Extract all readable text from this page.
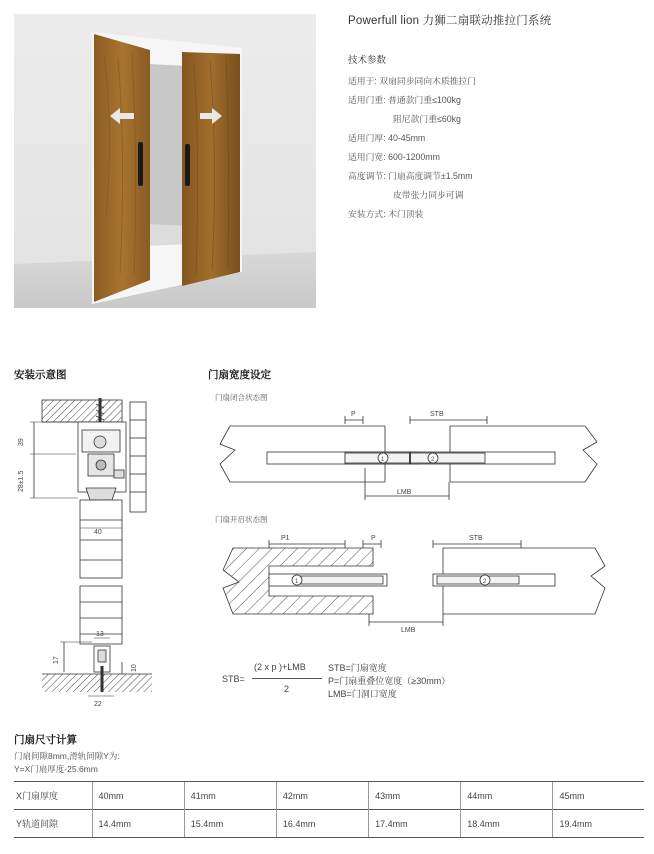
Powerfull lion 力狮二扇联动推拉门系统
技术参数
适用于: 双扇同步同向木质推拉门
适用门重: 普通款门重≤100kg
阻尼款门重≤60kg
适用门厚: 40-45mm
适用门宽: 600-1200mm
高度调节: 门扇高度调节±1.5mm
皮带张力同步可调
安装方式: 木门顶装
安装示意图	门扇宽度设定
39
28±1.5
40
13
17
10
22
门扇闭合状态图
P	STB
LMB
1	2
门扇开启状态图
P1	P	STB
LMB
1	2
STB=
(2 x p )+LMB
2
STB=门扇宽度
P=门扇重叠位宽度（≥30mm）
LMB=门洞口宽度
门扇尺寸计算
门扇间隙8mm,滑轨间隙Y为:
Y=X门扇厚度-25.6mm
X门扇厚度	40mm	41mm	42mm	43mm	44mm	45mm
Y轨道间隙	14.4mm	15.4mm	16.4mm	17.4mm	18.4mm	19.4mm
